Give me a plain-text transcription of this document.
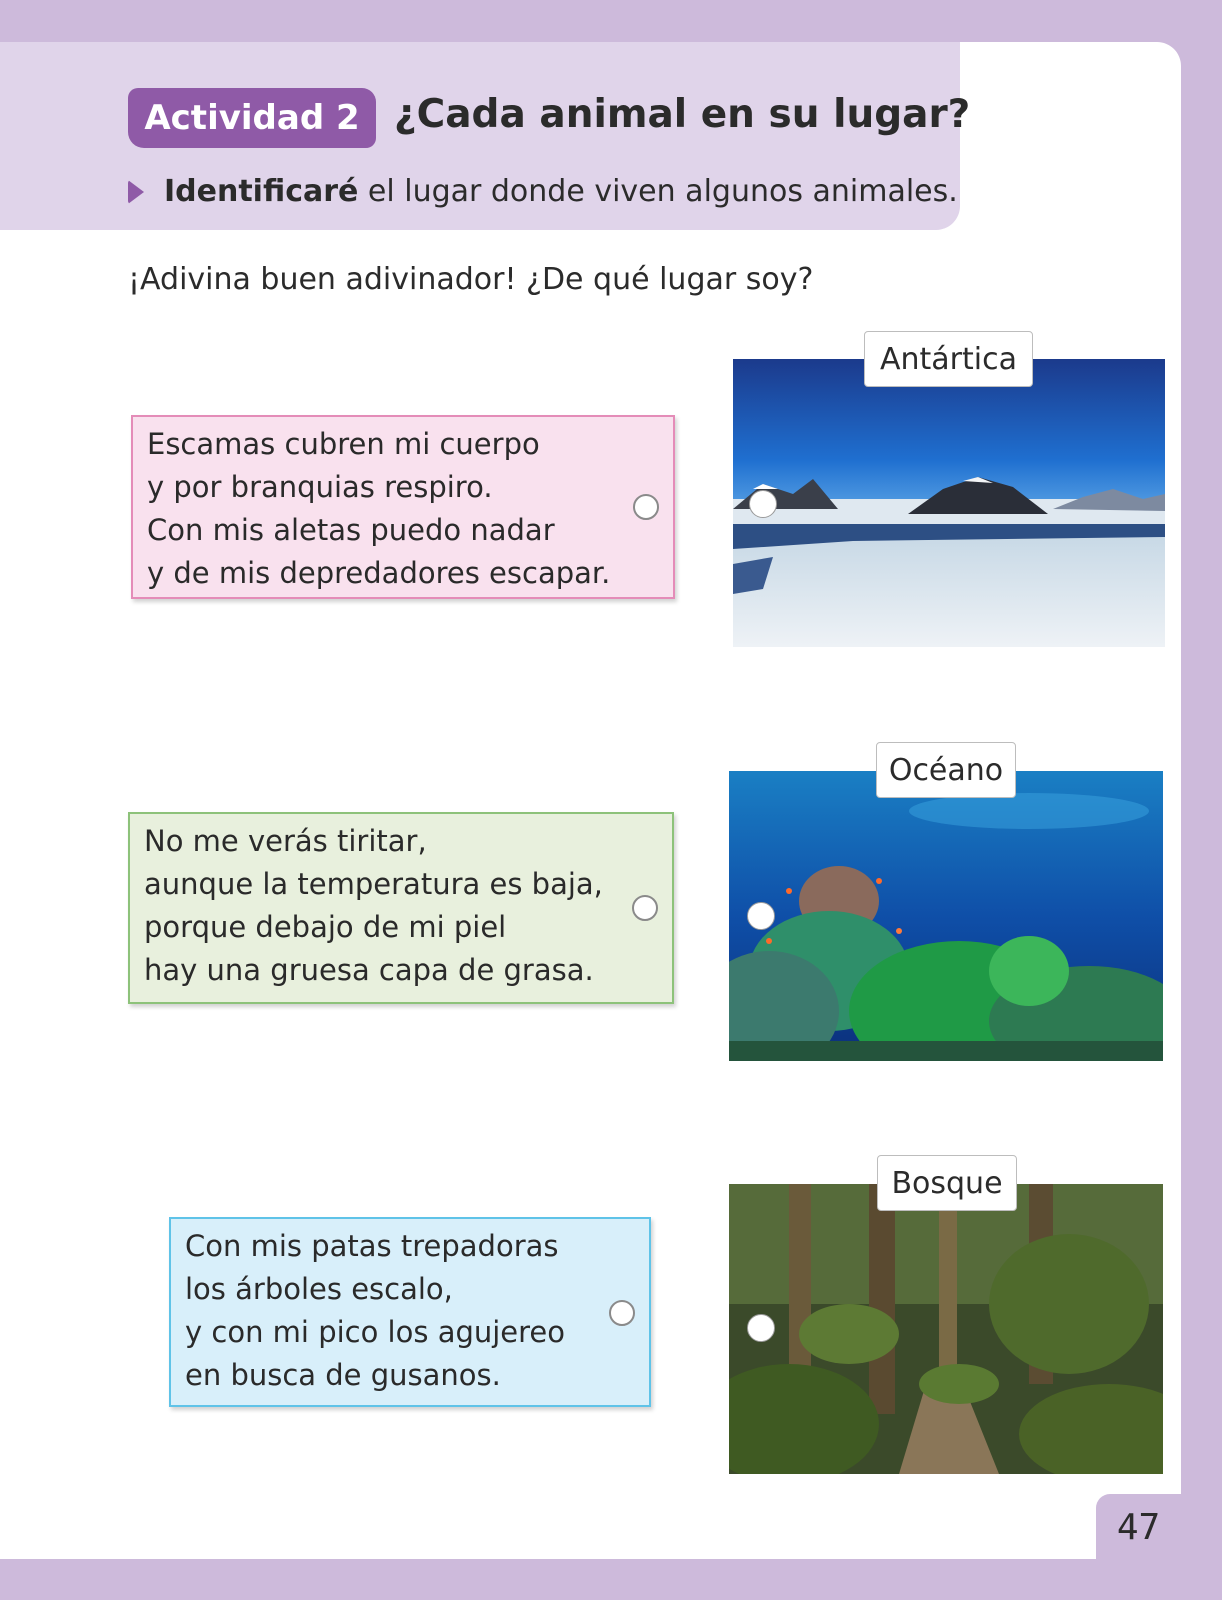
Actividad 2 ¿Cada animal en su lugar?
Identificaré el lugar donde viven algunos animales.
¡Adivina buen adivinador! ¿De qué lugar soy?
Escamas cubren mi cuerpo
y por branquias respiro.
Con mis aletas puedo nadar
y de mis depredadores escapar.
No me verás tiritar,
aunque la temperatura es baja,
porque debajo de mi piel
hay una gruesa capa de grasa.
Con mis patas trepadoras
los árboles escalo,
y con mi pico los agujereo
en busca de gusanos.
Antártica
Océano
Bosque
47
